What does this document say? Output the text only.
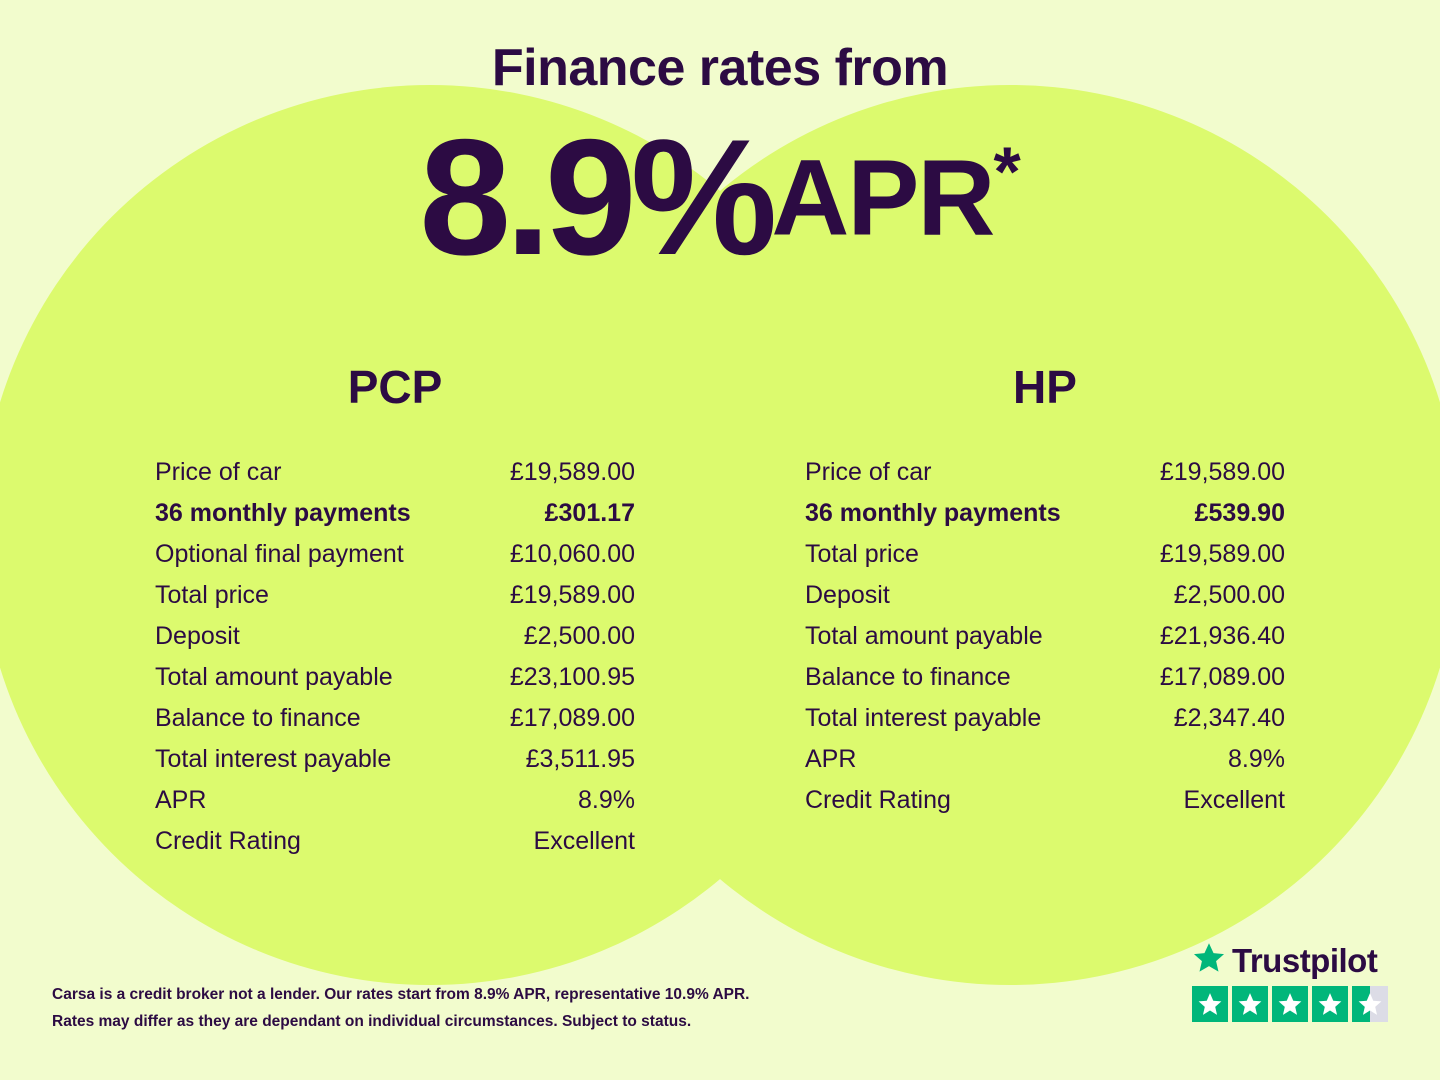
Finance rates from
8.9%APR*
PCP
Price of car	£19,589.00
36 monthly payments	£301.17
Optional final payment	£10,060.00
Total price	£19,589.00
Deposit	£2,500.00
Total amount payable	£23,100.95
Balance to finance	£17,089.00
Total interest payable	£3,511.95
APR	8.9%
Credit Rating	Excellent
HP
Price of car	£19,589.00
36 monthly payments	£539.90
Total price	£19,589.00
Deposit	£2,500.00
Total amount payable	£21,936.40
Balance to finance	£17,089.00
Total interest payable	£2,347.40
APR	8.9%
Credit Rating	Excellent
Carsa is a credit broker not a lender. Our rates start from 8.9% APR, representative 10.9% APR.
Rates may differ as they are dependant on individual circumstances. Subject to status.
Trustpilot
